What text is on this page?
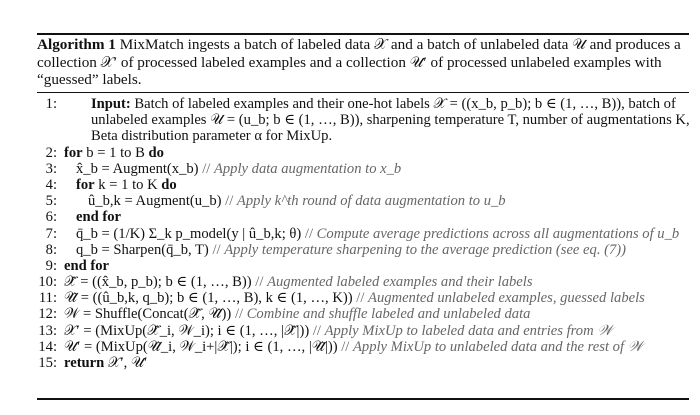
Algorithm 1 MixMatch ingests a batch of labeled data 𝒳 and a batch of unlabeled data 𝒰 and produces a collection 𝒳′ of processed labeled examples and a collection 𝒰′ of processed unlabeled examples with “guessed” labels.
1: Input: Batch of labeled examples and their one-hot labels 𝒳 = ((x_b, p_b); b ∈ (1, …, B)), batch of unlabeled examples 𝒰 = (u_b; b ∈ (1, …, B)), sharpening temperature T, number of augmentations K, Beta distribution parameter α for MixUp.
2: for b = 1 to B do
3:	x̂_b = Augment(x_b) // Apply data augmentation to x_b
4:	for k = 1 to K do
5:	û_b,k = Augment(u_b) // Apply k^th round of data augmentation to u_b
6:	end for
7:	q̄_b = (1/K) Σ_k p_model(y | û_b,k; θ) // Compute average predictions across all augmentations of u_b
8:	q_b = Sharpen(q̄_b, T) // Apply temperature sharpening to the average prediction (see eq. (7))
9: end for
10: 𝒳̂ = ((x̂_b, p_b); b ∈ (1, …, B)) // Augmented labeled examples and their labels
11: 𝒰̂ = ((û_b,k, q_b); b ∈ (1, …, B), k ∈ (1, …, K)) // Augmented unlabeled examples, guessed labels
12: 𝒲 = Shuffle(Concat(𝒳̂, 𝒰̂)) // Combine and shuffle labeled and unlabeled data
13: 𝒳′ = (MixUp(𝒳̂_i, 𝒲_i); i ∈ (1, …, |𝒳̂|)) // Apply MixUp to labeled data and entries from 𝒲
14: 𝒰′ = (MixUp(𝒰̂_i, 𝒲_i+|𝒳̂|); i ∈ (1, …, |𝒰̂|)) // Apply MixUp to unlabeled data and the rest of 𝒲
15: return 𝒳′, 𝒰′
